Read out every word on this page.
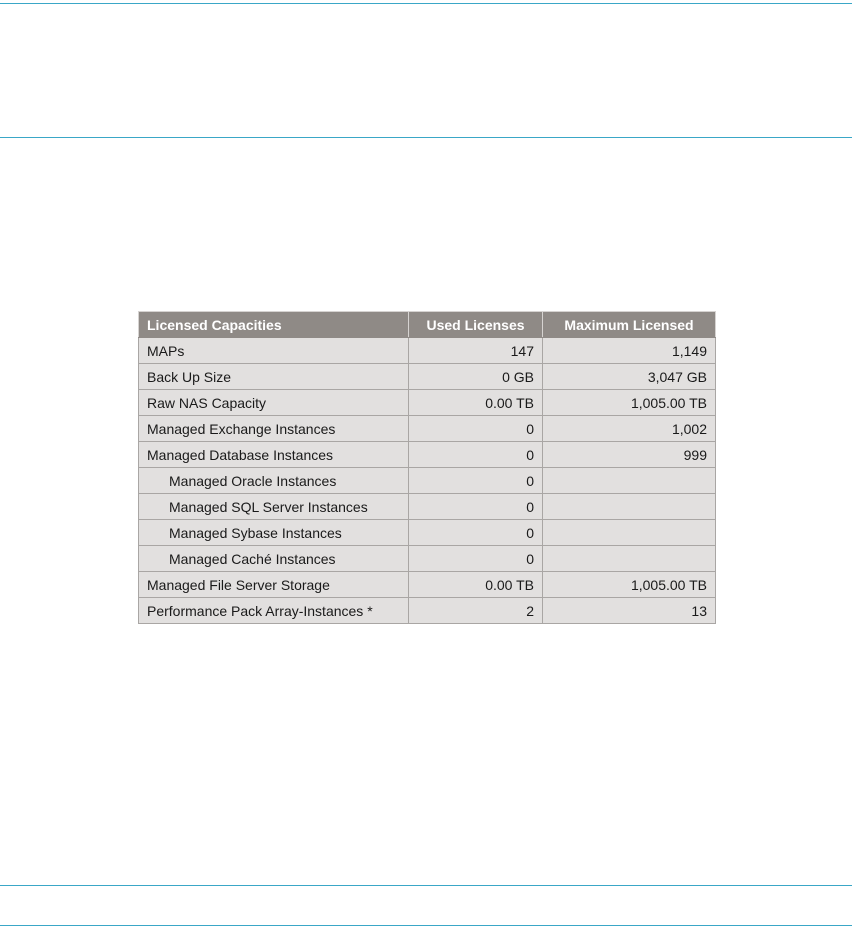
Licensed Capacities	Used Licenses	Maximum Licensed
MAPs	147	1,149
Back Up Size	0 GB	3,047 GB
Raw NAS Capacity	0.00 TB	1,005.00 TB
Managed Exchange Instances	0	1,002
Managed Database Instances	0	999
Managed Oracle Instances	0	
Managed SQL Server Instances	0	
Managed Sybase Instances	0	
Managed Caché Instances	0	
Managed File Server Storage	0.00 TB	1,005.00 TB
Performance Pack Array-Instances *	2	13
